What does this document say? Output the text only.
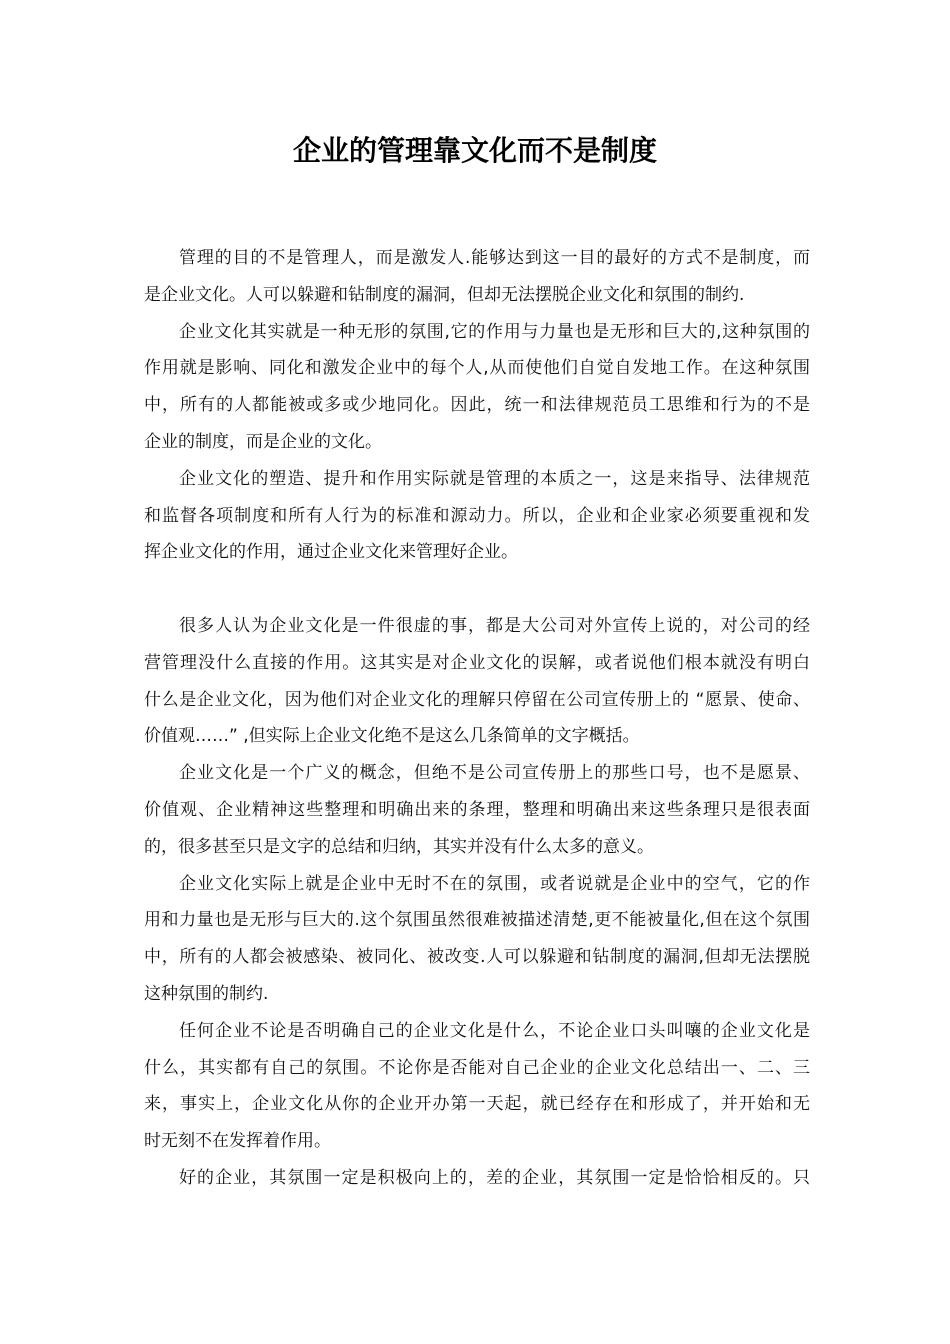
企业的管理靠文化而不是制度
管理的目的不是管理人，而是激发人.能够达到这一目的最好的方式不是制度，而
是企业文化。人可以躲避和钻制度的漏洞，但却无法摆脱企业文化和氛围的制约.
企业文化其实就是一种无形的氛围,它的作用与力量也是无形和巨大的,这种氛围的
作用就是影响、同化和激发企业中的每个人,从而使他们自觉自发地工作。在这种氛围
中，所有的人都能被或多或少地同化。因此，统一和法律规范员工思维和行为的不是
企业的制度，而是企业的文化。
企业文化的塑造、提升和作用实际就是管理的本质之一，这是来指导、法律规范
和监督各项制度和所有人行为的标准和源动力。所以，企业和企业家必须要重视和发
挥企业文化的作用，通过企业文化来管理好企业。
很多人认为企业文化是一件很虚的事，都是大公司对外宣传上说的，对公司的经
营管理没什么直接的作用。这其实是对企业文化的误解，或者说他们根本就没有明白
什么是企业文化，因为他们对企业文化的理解只停留在公司宣传册上的 “愿景、使命、
价值观……” ,但实际上企业文化绝不是这么几条简单的文字概括。
企业文化是一个广义的概念，但绝不是公司宣传册上的那些口号，也不是愿景、
价值观、企业精神这些整理和明确出来的条理，整理和明确出来这些条理只是很表面
的，很多甚至只是文字的总结和归纳，其实并没有什么太多的意义。
企业文化实际上就是企业中无时不在的氛围，或者说就是企业中的空气，它的作
用和力量也是无形与巨大的.这个氛围虽然很难被描述清楚,更不能被量化,但在这个氛围
中，所有的人都会被感染、被同化、被改变.人可以躲避和钻制度的漏洞,但却无法摆脱
这种氛围的制约.
任何企业不论是否明确自己的企业文化是什么，不论企业口头叫嚷的企业文化是
什么，其实都有自己的氛围。不论你是否能对自己企业的企业文化总结出一、二、三
来，事实上，企业文化从你的企业开办第一天起，就已经存在和形成了，并开始和无
时无刻不在发挥着作用。
好的企业，其氛围一定是积极向上的，差的企业，其氛围一定是恰恰相反的。只
